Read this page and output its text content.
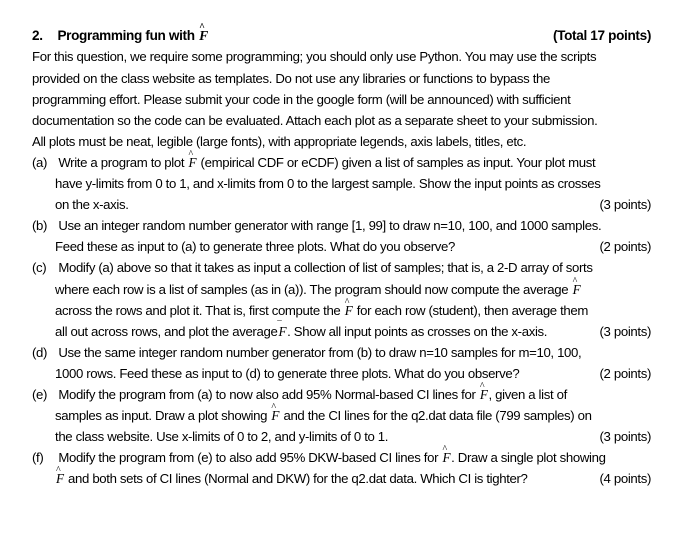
2. Programming fun with ^ F	(Total 17 points)
For this question, we require some programming; you should only use Python. You may use the scripts
provided on the class website as templates. Do not use any libraries or functions to bypass the
programming effort. Please submit your code in the google form (will be announced) with sufficient
documentation so the code can be evaluated. Attach each plot as a separate sheet to your submission.
All plots must be neat, legible (large fonts), with appropriate legends, axis labels, titles, etc.
(a) Write a program to plot ^ F (empirical CDF or eCDF) given a list of samples as input. Your plot must
have y-limits from 0 to 1, and x-limits from 0 to the largest sample. Show the input points as crosses
on the x-axis.	(3 points)
(b) Use an integer random number generator with range [1, 99] to draw n=10, 100, and 1000 samples.
Feed these as input to (a) to generate three plots. What do you observe?	(2 points)
(c) Modify (a) above so that it takes as input a collection of list of samples; that is, a 2-D array of sorts
where each row is a list of samples (as in (a)). The program should now compute the average ^ F
across the rows and plot it. That is, first compute the ^ F for each row (student), then average them
all out across rows, and plot the average‾ F. Show all input points as crosses on the x-axis.	(3 points)
(d) Use the same integer random number generator from (b) to draw n=10 samples for m=10, 100,
1000 rows. Feed these as input to (d) to generate three plots. What do you observe?	(2 points)
(e) Modify the program from (a) to now also add 95% Normal-based CI lines for ^ F, given a list of
samples as input. Draw a plot showing ^ F and the CI lines for the q2.dat data file (799 samples) on
the class website. Use x-limits of 0 to 2, and y-limits of 0 to 1.	(3 points)
(f) Modify the program from (e) to also add 95% DKW-based CI lines for ^ F. Draw a single plot showing
^ F and both sets of CI lines (Normal and DKW) for the q2.dat data. Which CI is tighter?	(4 points)
